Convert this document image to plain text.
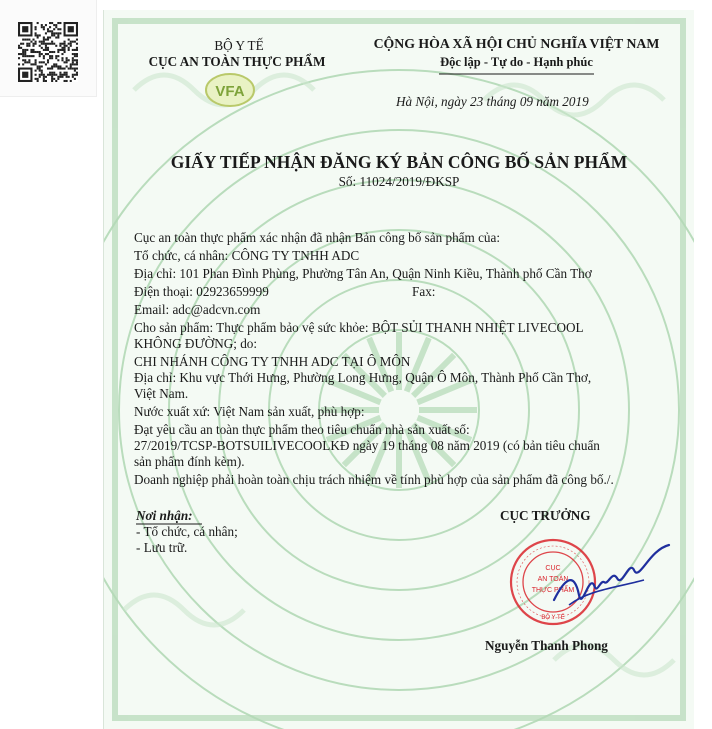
BỘ Y TẾ
CỤC AN TOÀN THỰC PHẨM
VFA
CỘNG HÒA XÃ HỘI CHỦ NGHĨA VIỆT NAM
Độc lập - Tự do - Hạnh phúc
Hà Nội, ngày 23 tháng 09 năm 2019
GIẤY TIẾP NHẬN ĐĂNG KÝ BẢN CÔNG BỐ SẢN PHẨM
Số: 11024/2019/ĐKSP
Cục an toàn thực phẩm xác nhận đã nhận Bản công bố sản phẩm của:
Tổ chức, cá nhân: CÔNG TY TNHH ADC
Địa chỉ: 101 Phan Đình Phùng, Phường Tân An, Quận Ninh Kiều, Thành phố Cần Thơ
Điện thoại: 02923659999	Fax:
Email: adc@adcvn.com
Cho sản phẩm: Thực phẩm bảo vệ sức khỏe: BỘT SỦI THANH NHIỆT LIVECOOL
KHÔNG ĐƯỜNG; do:
CHI NHÁNH CÔNG TY TNHH ADC TẠI Ô MÔN
Địa chỉ: Khu vực Thới Hưng, Phường Long Hưng, Quận Ô Môn, Thành Phố Cần Thơ,
Việt Nam.
Nước xuất xứ: Việt Nam sản xuất, phù hợp:
Đạt yêu cầu an toàn thực phẩm theo tiêu chuẩn nhà sản xuất số:
27/2019/TCSP-BOTSUILIVECOOLKĐ ngày 19 tháng 08 năm 2019 (có bản tiêu chuẩn
sản phẩm đính kèm).
Doanh nghiệp phải hoàn toàn chịu trách nhiệm về tính phù hợp của sản phẩm đã công bố./.
Nơi nhận:
- Tổ chức, cá nhân;
- Lưu trữ.
CỤC TRƯỞNG
CỤC
AN TOÀN
THỰC PHẨM
BỘ Y TẾ
Nguyễn Thanh Phong
